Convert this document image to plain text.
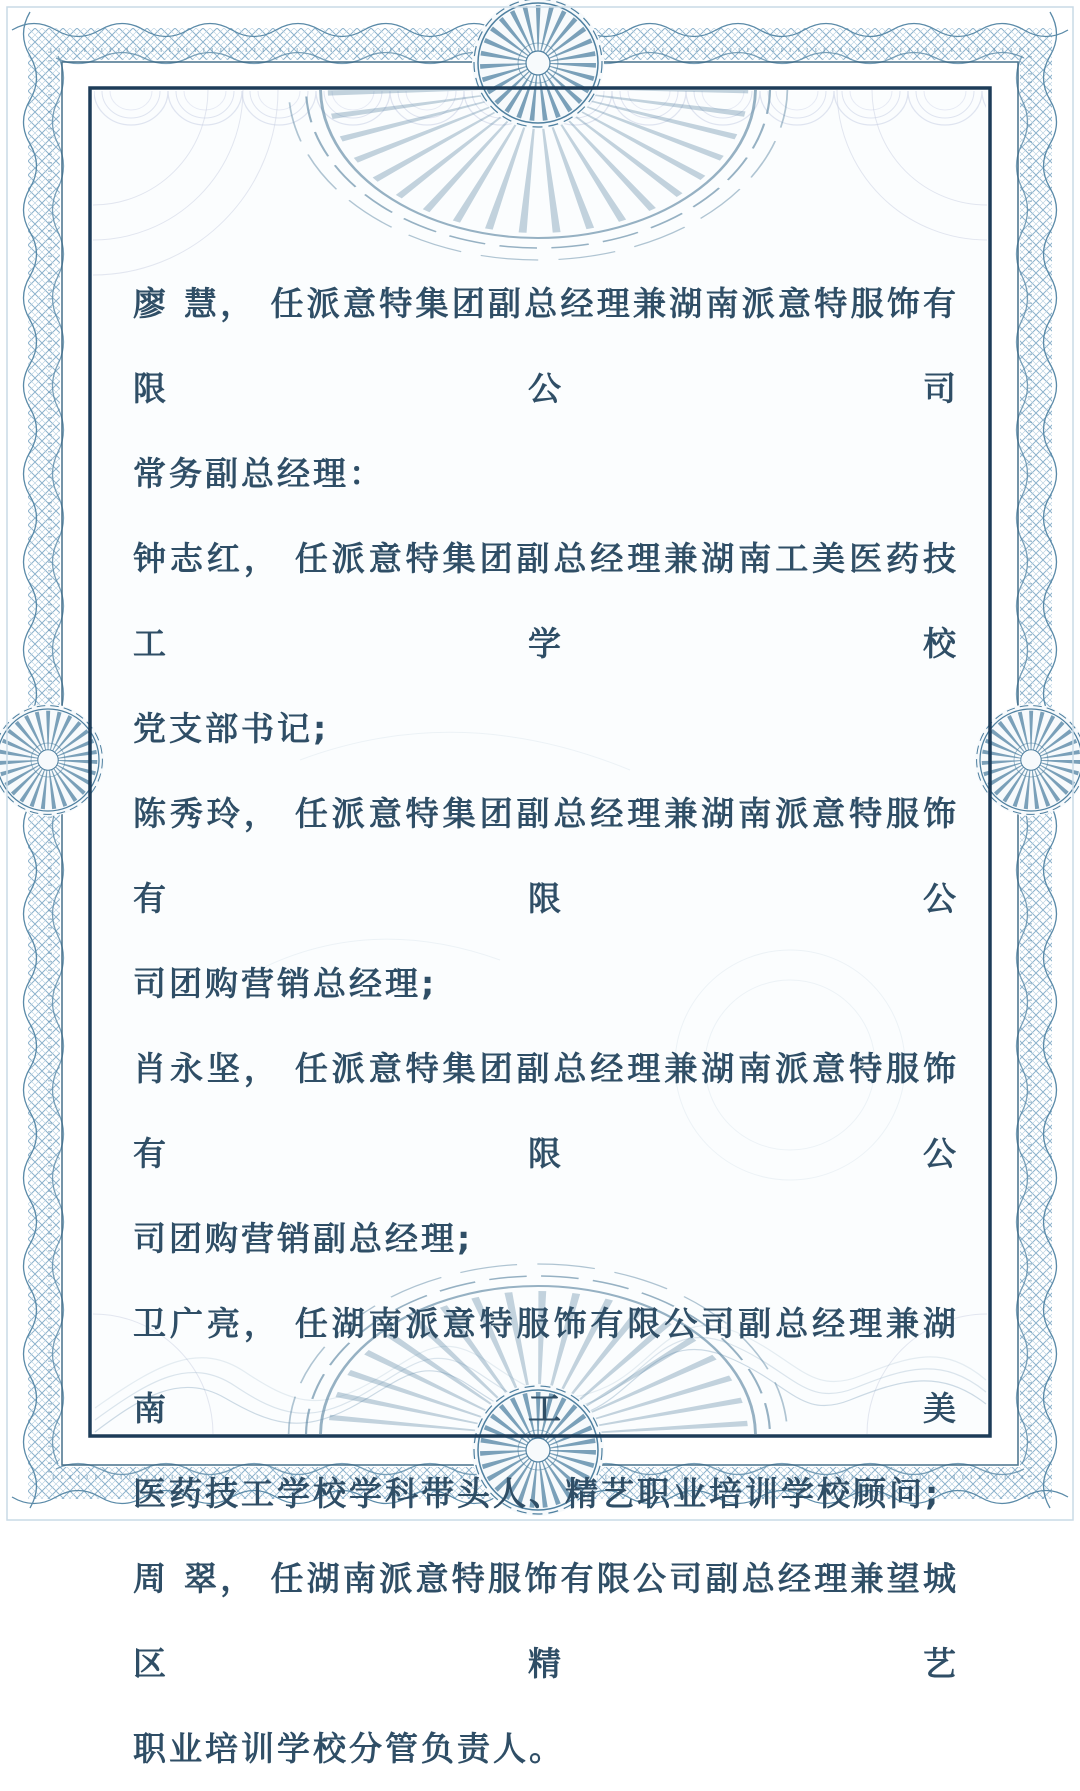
廖 慧， 任派意特集团副总经理兼湖南派意特服饰有限公司
常务副总经理：
钟志红， 任派意特集团副总经理兼湖南工美医药技工学校
党支部书记;
陈秀玲， 任派意特集团副总经理兼湖南派意特服饰有限公
司团购营销总经理;
肖永坚， 任派意特集团副总经理兼湖南派意特服饰有限公
司团购营销副总经理;
卫广亮， 任湖南派意特服饰有限公司副总经理兼湖南工美
医药技工学校学科带头人、精艺职业培训学校顾问;
周 翠， 任湖南派意特服饰有限公司副总经理兼望城区精艺
职业培训学校分管负责人。
